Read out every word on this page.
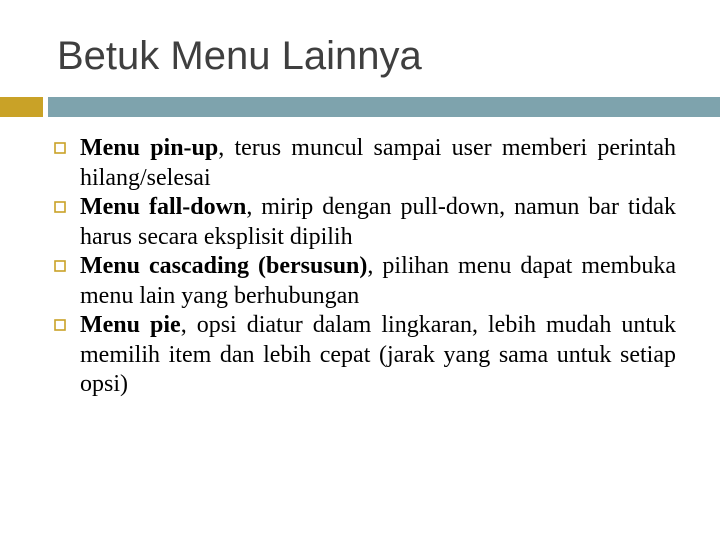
Betuk Menu Lainnya
Menu pin-up, terus muncul sampai user memberi perintah hilang/selesai
Menu fall-down, mirip dengan pull-down, namun bar tidak harus secara eksplisit dipilih
Menu cascading (bersusun), pilihan menu dapat membuka menu lain yang berhubungan
Menu pie, opsi diatur dalam lingkaran, lebih mudah untuk memilih item dan lebih cepat (jarak yang sama untuk setiap opsi)
